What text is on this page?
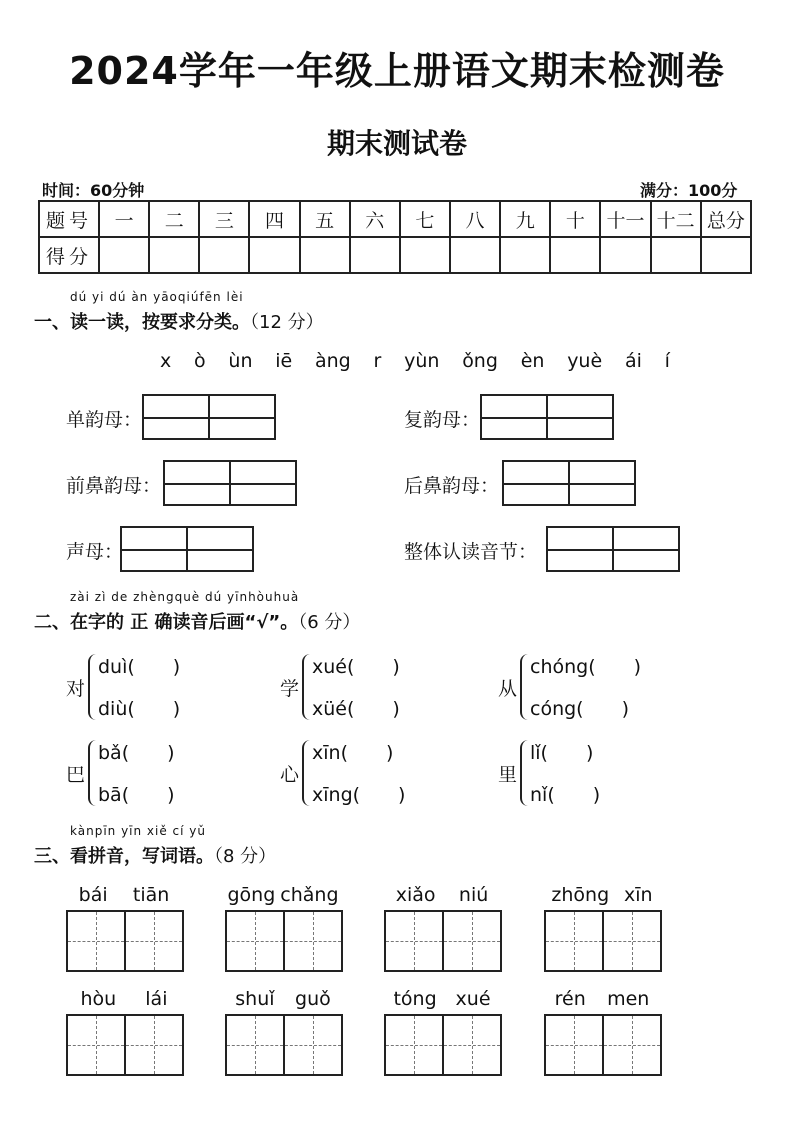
2024学年一年级上册语文期末检测卷
期末测试卷
时间：60分钟	满分：100分
题号	一	二	三	四	五	六	七	八	九	十	十一	十二	总分
得分													
dú yi dú àn yāoqiúfēn lèi
一、读一读，按要求分类。（12 分）
x ò ùn iē àng r yùn ǒng èn yuè ái í
单韵母：	复韵母：
前鼻韵母：	后鼻韵母：
声母：	整体认读音节：
zài zì de zhèngquè dú yīnhòuhuà
二、在字的 正 确读音后画“√”。（6 分）
对
duì(　　)
diù(　　)
学
xué(　　)
xüé(　　)
从
chóng(　　)
cóng(　　)
巴
bǎ(　　)
bā(　　)
心
xīn(　　)
xīng(　　)
里
lǐ(　　)
nǐ(　　)
kànpīn yīn xiě cí yǔ
三、看拼音，写词语。（8 分）
bái tiān	gōng chǎng	xiǎo niú	zhōng xīn
hòu lái	shuǐ guǒ	tóng xué	rén men
